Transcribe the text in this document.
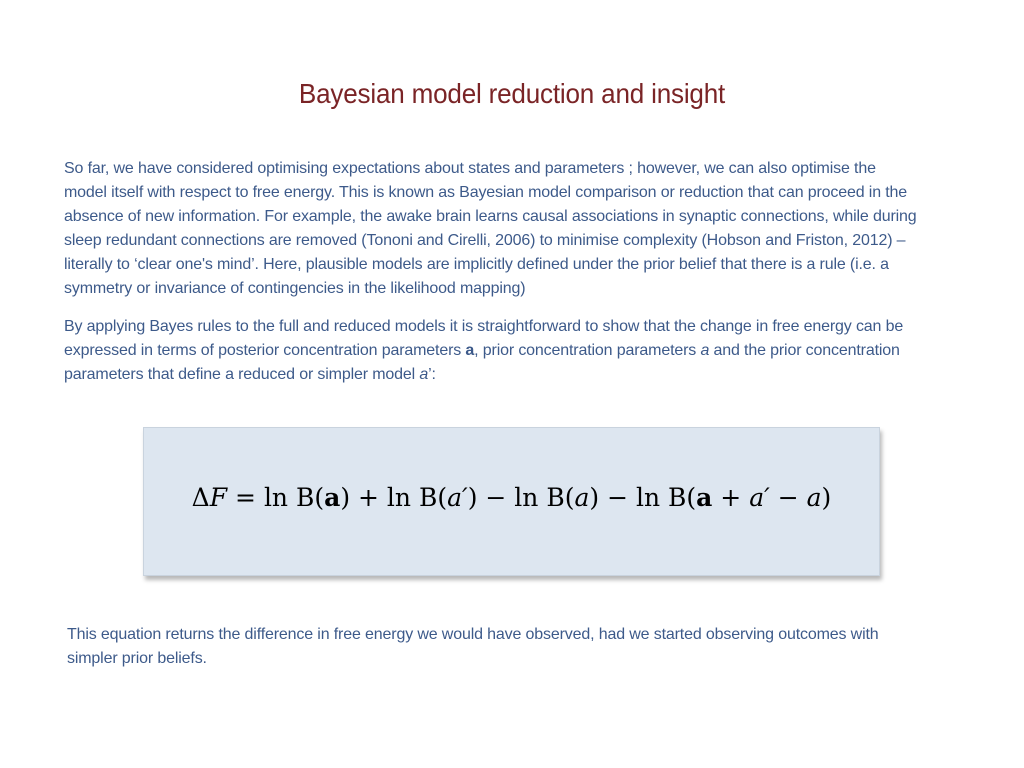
Bayesian model reduction and insight
So far, we have considered optimising expectations about states and parameters ; however, we can also optimise the
model itself with respect to free energy. This is known as Bayesian model comparison or reduction that can proceed in the
absence of new information. For example, the awake brain learns causal associations in synaptic connections, while during
sleep redundant connections are removed (Tononi and Cirelli, 2006) to minimise complexity (Hobson and Friston, 2012) –
literally to ‘clear one's mind’. Here, plausible models are implicitly defined under the prior belief that there is a rule (i.e. a
symmetry or invariance of contingencies in the likelihood mapping)
By applying Bayes rules to the full and reduced models it is straightforward to show that the change in free energy can be
expressed in terms of posterior concentration parameters a, prior concentration parameters a and the prior concentration
parameters that define a reduced or simpler model a’:
ΔF = ln B(a) + ln B(a′) − ln B(a) − ln B(a + a′ − a)
This equation returns the difference in free energy we would have observed, had we started observing outcomes with
simpler prior beliefs.
